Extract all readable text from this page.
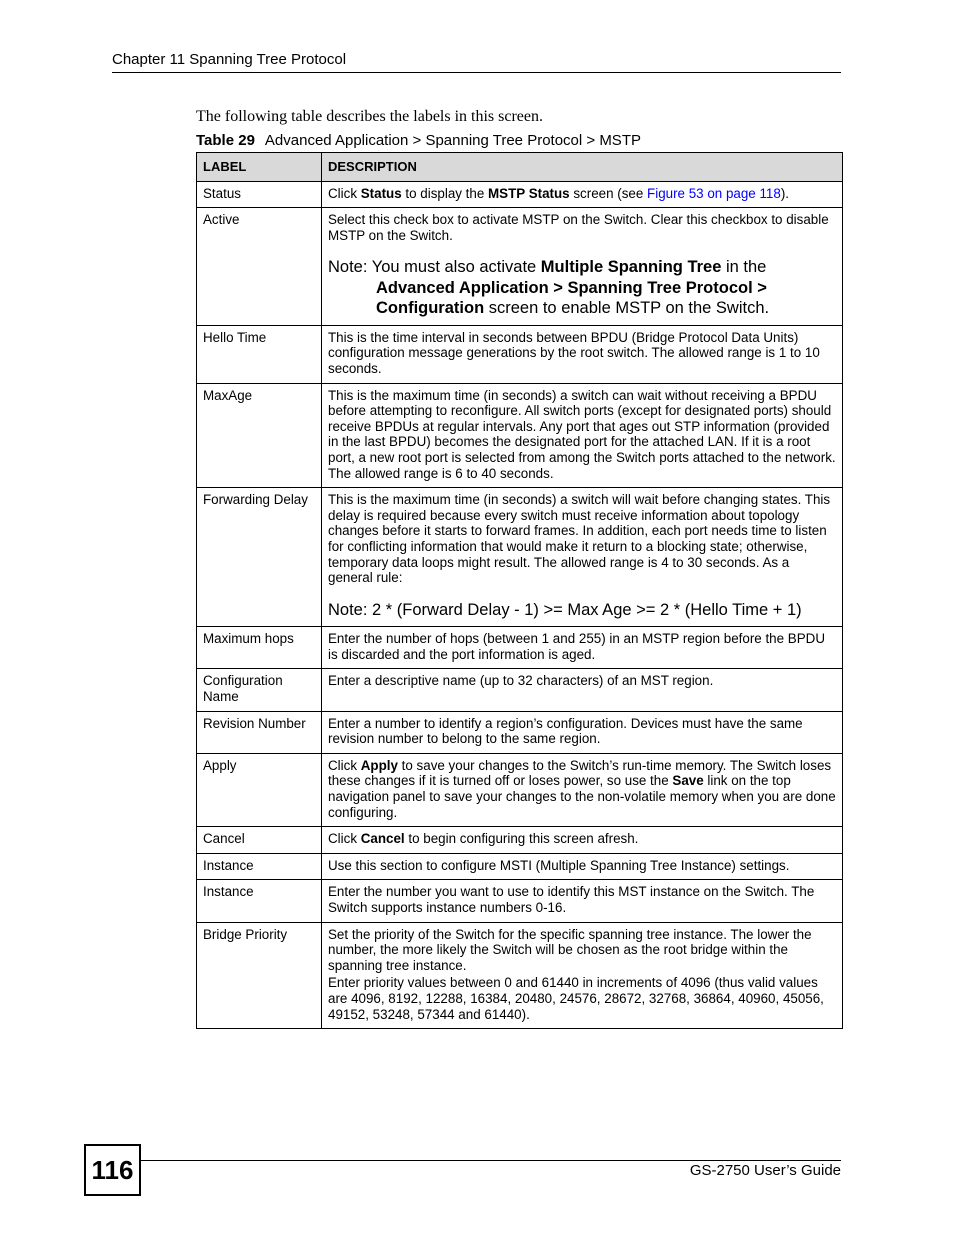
Chapter 11 Spanning Tree Protocol
The following table describes the labels in this screen.
Table 29 Advanced Application > Spanning Tree Protocol > MSTP
LABEL	DESCRIPTION
Status	Click Status to display the MSTP Status screen (see Figure 53 on page 118).
Active	Select this check box to activate MSTP on the Switch. Clear this checkbox to disable MSTP on the Switch.
Note: You must also activate Multiple Spanning Tree in the Advanced Application > Spanning Tree Protocol > Configuration screen to enable MSTP on the Switch.

Hello Time	This is the time interval in seconds between BPDU (Bridge Protocol Data Units) configuration message generations by the root switch. The allowed range is 1 to 10 seconds.
MaxAge	This is the maximum time (in seconds) a switch can wait without receiving a BPDU before attempting to reconfigure. All switch ports (except for designated ports) should receive BPDUs at regular intervals. Any port that ages out STP information (provided in the last BPDU) becomes the designated port for the attached LAN. If it is a root port, a new root port is selected from among the Switch ports attached to the network. The allowed range is 6 to 40 seconds.
Forwarding Delay	This is the maximum time (in seconds) a switch will wait before changing states. This delay is required because every switch must receive information about topology changes before it starts to forward frames. In addition, each port needs time to listen for conflicting information that would make it return to a blocking state; otherwise, temporary data loops might result. The allowed range is 4 to 30 seconds. As a general rule:
Note: 2 * (Forward Delay - 1) >= Max Age >= 2 * (Hello Time + 1)

Maximum hops	Enter the number of hops (between 1 and 255) in an MSTP region before the BPDU is discarded and the port information is aged.
Configuration Name	Enter a descriptive name (up to 32 characters) of an MST region.
Revision Number	Enter a number to identify a region’s configuration. Devices must have the same revision number to belong to the same region.
Apply	Click Apply to save your changes to the Switch’s run-time memory. The Switch loses these changes if it is turned off or loses power, so use the Save link on the top navigation panel to save your changes to the non-volatile memory when you are done configuring.
Cancel	Click Cancel to begin configuring this screen afresh.
Instance	Use this section to configure MSTI (Multiple Spanning Tree Instance) settings.
Instance	Enter the number you want to use to identify this MST instance on the Switch. The Switch supports instance numbers 0-16.
Bridge Priority	Set the priority of the Switch for the specific spanning tree instance. The lower the number, the more likely the Switch will be chosen as the root bridge within the spanning tree instance.
Enter priority values between 0 and 61440 in increments of 4096 (thus valid values are 4096, 8192, 12288, 16384, 20480, 24576, 28672, 32768, 36864, 40960, 45056, 49152, 53248, 57344 and 61440).
116	GS-2750 User’s Guide
